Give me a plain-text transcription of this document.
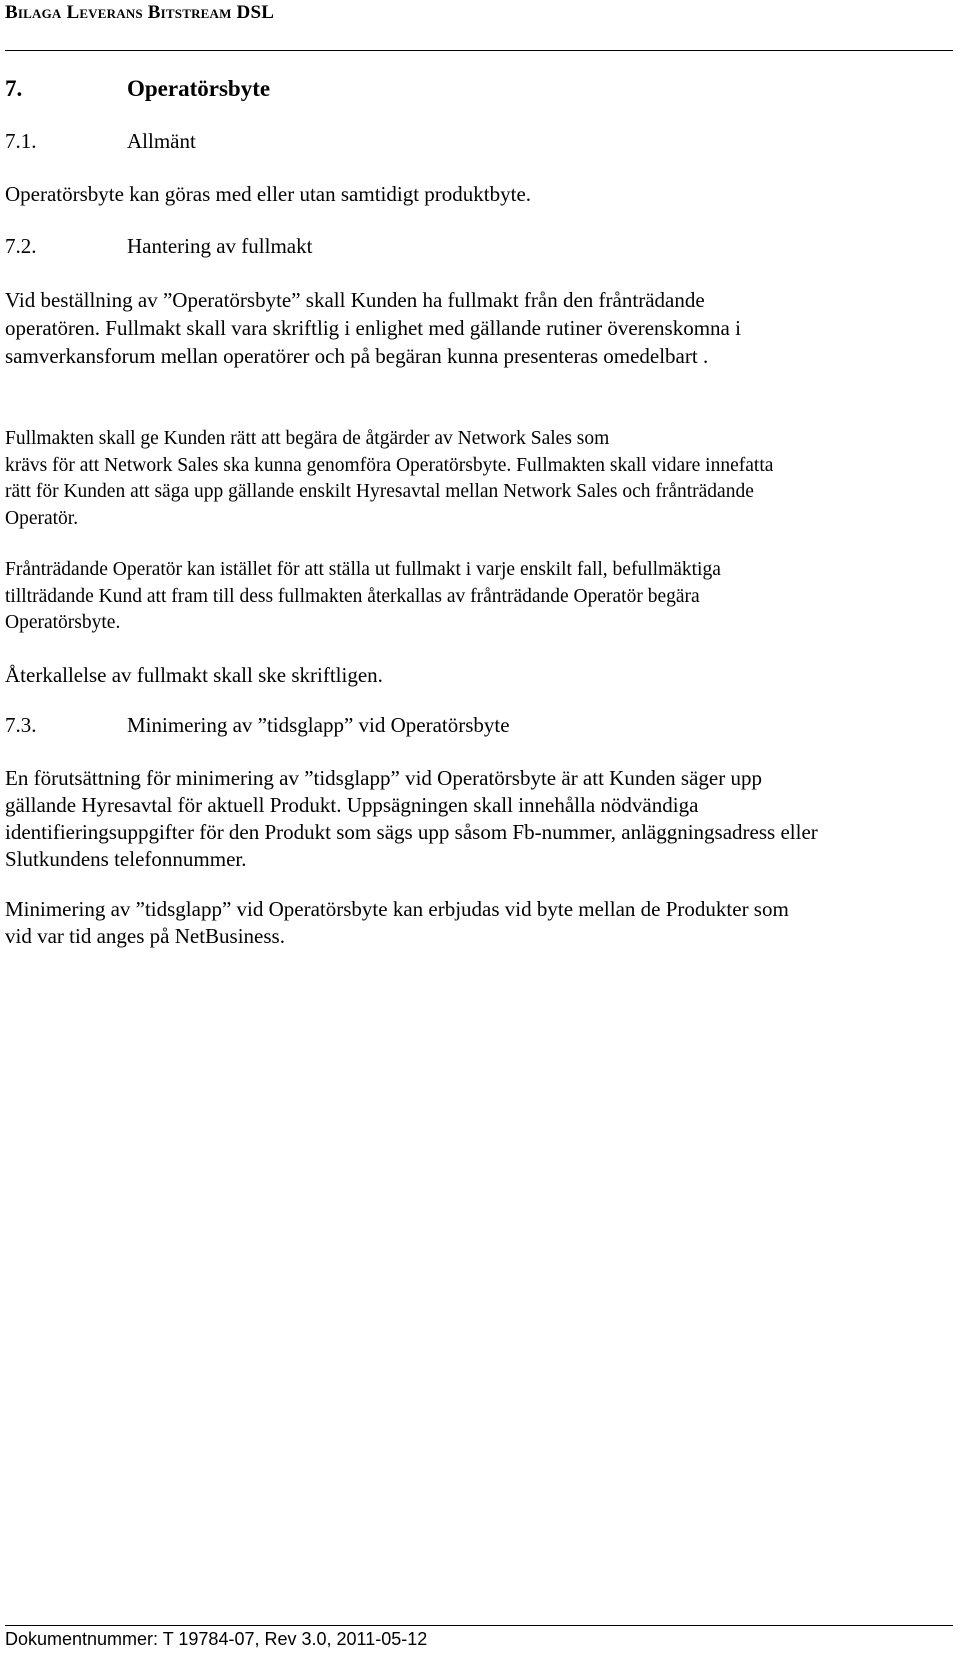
Bilaga Leverans Bitstream DSL
7.	Operatörsbyte
7.1.	Allmänt

Operatörsbyte kan göras med eller utan samtidigt produktbyte.

7.2.	Hantering av fullmakt

Vid beställning av ”Operatörsbyte” skall Kunden ha fullmakt från den frånträdande
operatören. Fullmakt skall vara skriftlig i enlighet med gällande rutiner överenskomna i
samverkansforum mellan operatörer och på begäran kunna presenteras omedelbart .

Fullmakten skall ge Kunden rätt att begära de åtgärder av Network Sales som
krävs för att Network Sales ska kunna genomföra Operatörsbyte. Fullmakten skall vidare innefatta
rätt för Kunden att säga upp gällande enskilt Hyresavtal mellan Network Sales och frånträdande
Operatör.

Frånträdande Operatör kan istället för att ställa ut fullmakt i varje enskilt fall, befullmäktiga
tillträdande Kund att fram till dess fullmakten återkallas av frånträdande Operatör begära
Operatörsbyte.

Återkallelse av fullmakt skall ske skriftligen.

7.3.	Minimering av ”tidsglapp” vid Operatörsbyte

En förutsättning för minimering av ”tidsglapp” vid Operatörsbyte är att Kunden säger upp
gällande Hyresavtal för aktuell Produkt. Uppsägningen skall innehålla nödvändiga
identifieringsuppgifter för den Produkt som sägs upp såsom Fb-nummer, anläggningsadress eller
Slutkundens telefonnummer.

Minimering av ”tidsglapp” vid Operatörsbyte kan erbjudas vid byte mellan de Produkter som
vid var tid anges på NetBusiness.

Dokumentnummer: T 19784-07, Rev 3.0, 2011-05-12
